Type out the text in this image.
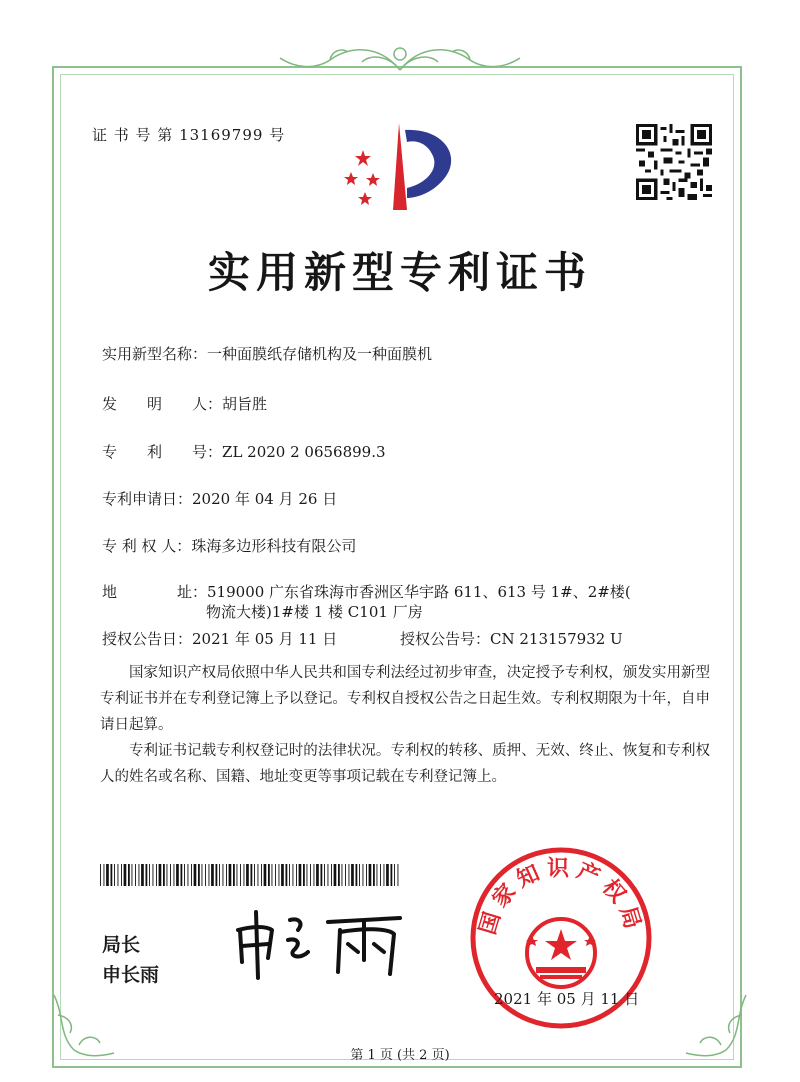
证 书 号 第 13169799 号
实用新型专利证书
实用新型名称：一种面膜纸存储机构及一种面膜机
发　　明　　人：胡旨胜
专　　利　　号：ZL 2020 2 0656899.3
专利申请日：2020 年 04 月 26 日
专 利 权 人：珠海多边形科技有限公司
地　　　　址：519000 广东省珠海市香洲区华宇路 611、613 号 1#、2#楼(
物流大楼)1#楼 1 楼 C101 厂房
授权公告日：2021 年 05 月 11 日	授权公告号：CN 213157932 U
国家知识产权局依照中华人民共和国专利法经过初步审查，决定授予专利权，颁发实用新型专利证书并在专利登记簿上予以登记。专利权自授权公告之日起生效。专利权期限为十年，自申请日起算。
专利证书记载专利权登记时的法律状况。专利权的转移、质押、无效、终止、恢复和专利权人的姓名或名称、国籍、地址变更等事项记载在专利登记簿上。
局长
申长雨
国家知识产权局
2021 年 05 月 11 日
第 1 页 (共 2 页)
